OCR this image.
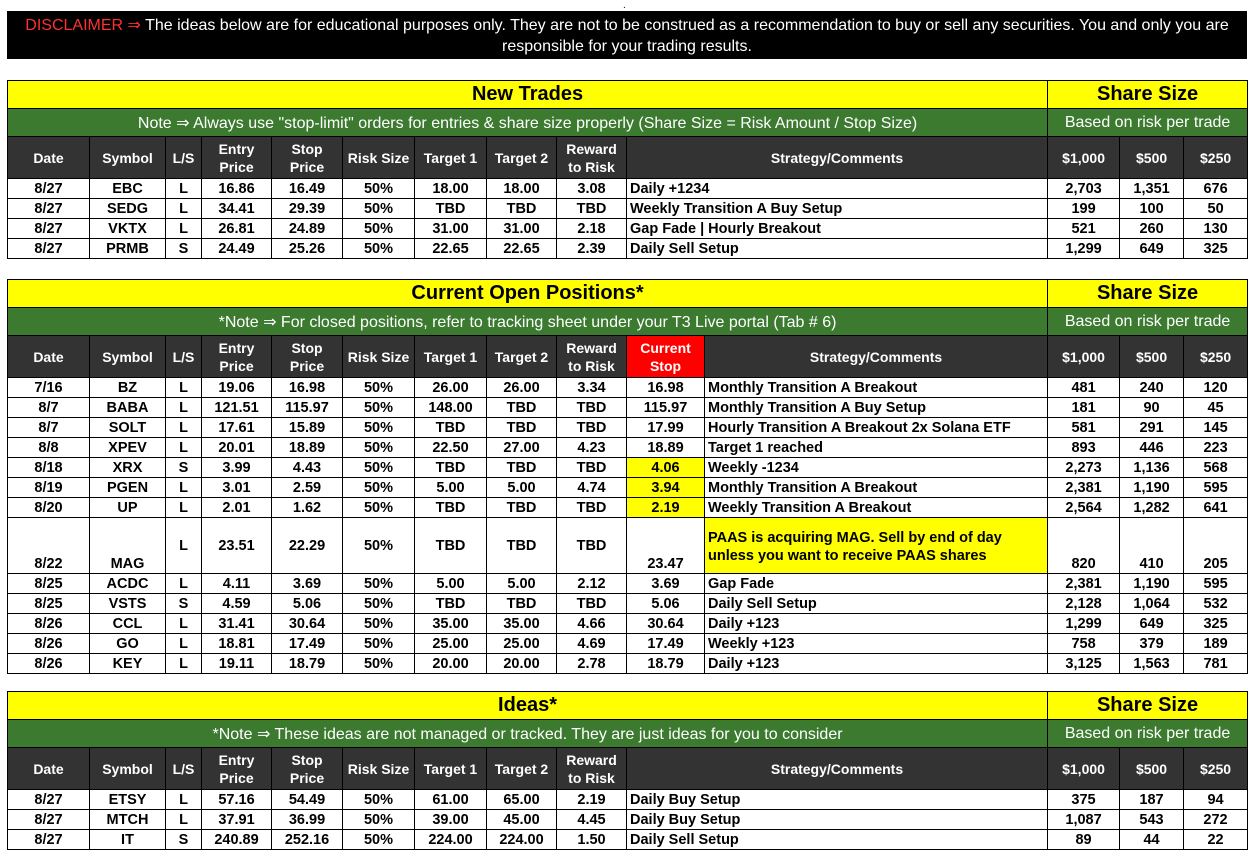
.
DISCLAIMER ⇒ The ideas below are for educational purposes only. They are not to be construed as a recommendation to buy or sell any securities. You and only you are responsible for your trading results.
New Trades										Share Size		
Note ⇒ Always use "stop-limit" orders for entries & share size properly (Share Size = Risk Amount / Stop Size)										Based on risk per trade		
Date	Symbol	L/S	Entry Price	Stop Price	Risk Size	Target 1	Target 2	Reward to Risk	Strategy/Comments	$1,000	$500	$250
8/27	EBC	L	16.86	16.49	50%	18.00	18.00	3.08	Daily +1234	2,703	1,351	676
8/27	SEDG	L	34.41	29.39	50%	TBD	TBD	TBD	Weekly Transition A Buy Setup	199	100	50
8/27	VKTX	L	26.81	24.89	50%	31.00	31.00	2.18	Gap Fade | Hourly Breakout	521	260	130
8/27	PRMB	S	24.49	25.26	50%	22.65	22.65	2.39	Daily Sell Setup	1,299	649	325
Current Open Positions*											Share Size		
*Note ⇒ For closed positions, refer to tracking sheet under your T3 Live portal (Tab # 6)											Based on risk per trade		
Date	Symbol	L/S	Entry Price	Stop Price	Risk Size	Target 1	Target 2	Reward to Risk	Current Stop	Strategy/Comments	$1,000	$500	$250
7/16	BZ	L	19.06	16.98	50%	26.00	26.00	3.34	16.98	Monthly Transition A Breakout	481	240	120
8/7	BABA	L	121.51	115.97	50%	148.00	TBD	TBD	115.97	Monthly Transition A Buy Setup	181	90	45
8/7	SOLT	L	17.61	15.89	50%	TBD	TBD	TBD	17.99	Hourly Transition A Breakout 2x Solana ETF	581	291	145
8/8	XPEV	L	20.01	18.89	50%	22.50	27.00	4.23	18.89	Target 1 reached	893	446	223
8/18	XRX	S	3.99	4.43	50%	TBD	TBD	TBD	4.06	Weekly -1234	2,273	1,136	568
8/19	PGEN	L	3.01	2.59	50%	5.00	5.00	4.74	3.94	Monthly Transition A Breakout	2,381	1,190	595
8/20	UP	L	2.01	1.62	50%	TBD	TBD	TBD	2.19	Weekly Transition A Breakout	2,564	1,282	641
8/22	MAG	L	23.51	22.29	50%	TBD	TBD	TBD	23.47	PAAS is acquiring MAG. Sell by end of day unless you want to receive PAAS shares	820	410	205
8/25	ACDC	L	4.11	3.69	50%	5.00	5.00	2.12	3.69	Gap Fade	2,381	1,190	595
8/25	VSTS	S	4.59	5.06	50%	TBD	TBD	TBD	5.06	Daily Sell Setup	2,128	1,064	532
8/26	CCL	L	31.41	30.64	50%	35.00	35.00	4.66	30.64	Daily +123	1,299	649	325
8/26	GO	L	18.81	17.49	50%	25.00	25.00	4.69	17.49	Weekly +123	758	379	189
8/26	KEY	L	19.11	18.79	50%	20.00	20.00	2.78	18.79	Daily +123	3,125	1,563	781
Ideas*										Share Size		
*Note ⇒ These ideas are not managed or tracked. They are just ideas for you to consider										Based on risk per trade		
Date	Symbol	L/S	Entry Price	Stop Price	Risk Size	Target 1	Target 2	Reward to Risk	Strategy/Comments	$1,000	$500	$250
8/27	ETSY	L	57.16	54.49	50%	61.00	65.00	2.19	Daily Buy Setup	375	187	94
8/27	MTCH	L	37.91	36.99	50%	39.00	45.00	4.45	Daily Buy Setup	1,087	543	272
8/27	IT	S	240.89	252.16	50%	224.00	224.00	1.50	Daily Sell Setup	89	44	22
